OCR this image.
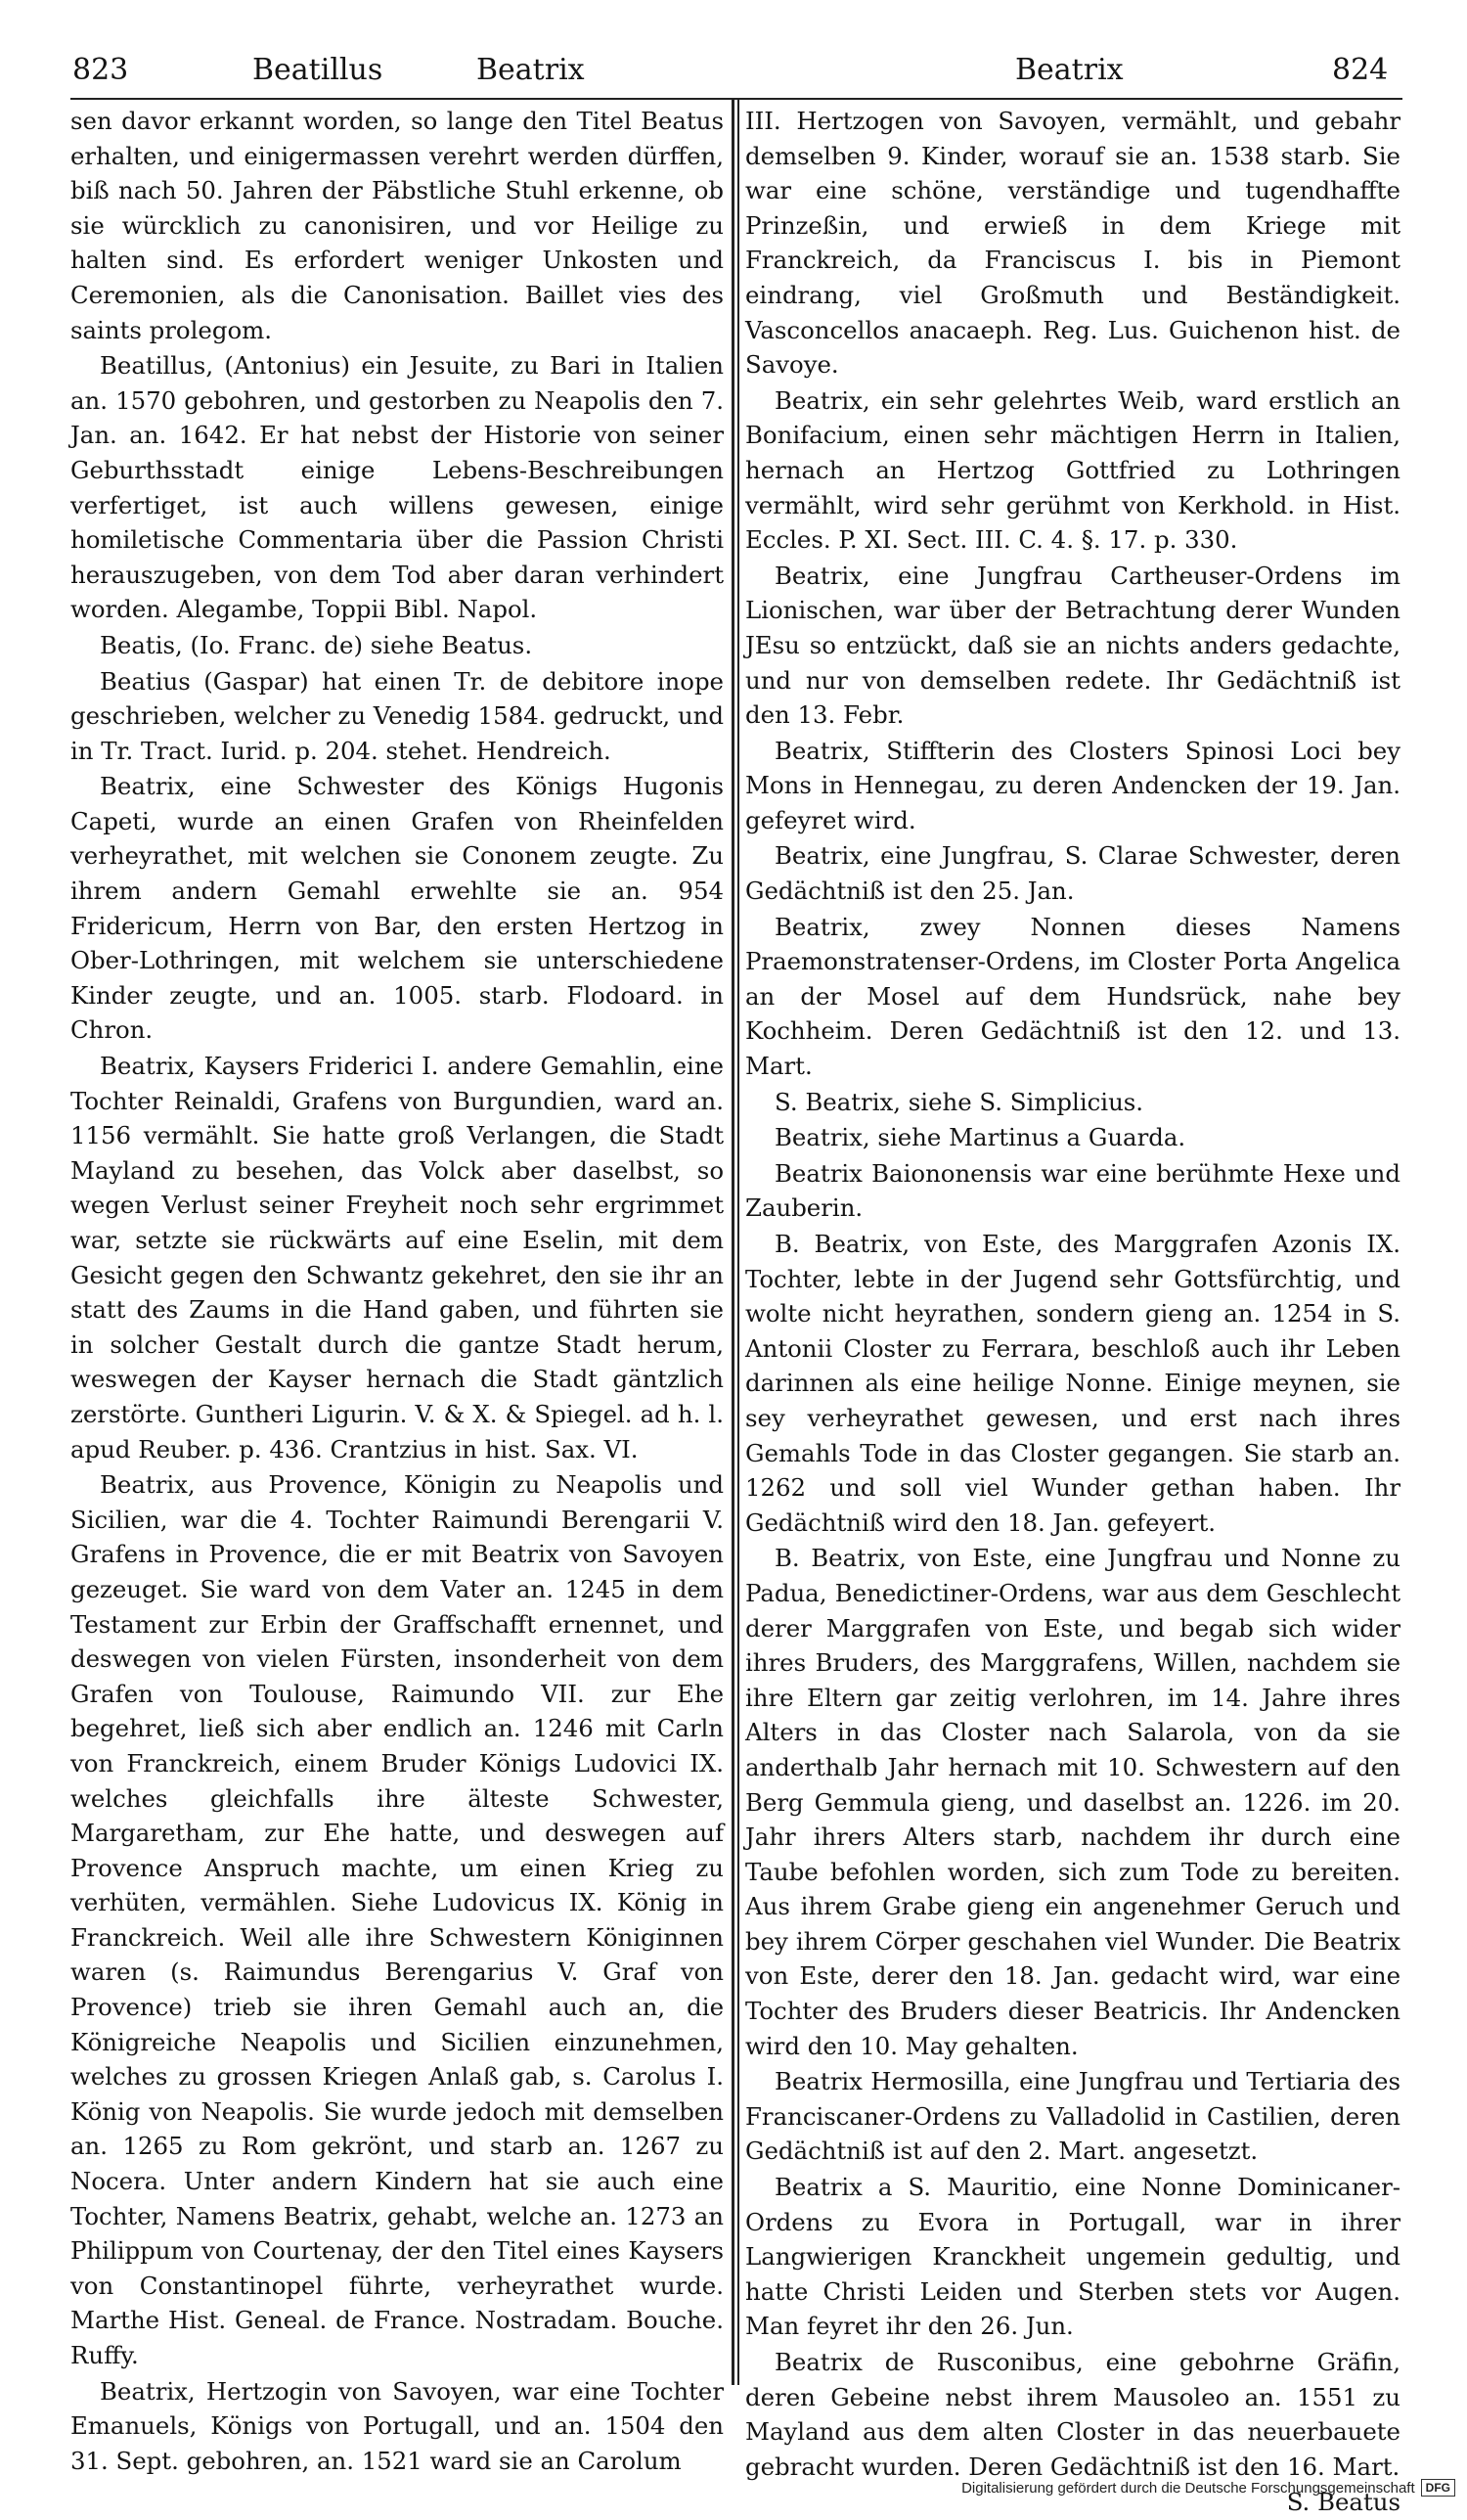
823	Beatillus	Beatrix	Beatrix	824

sen davor erkannt worden, so lange den Titel Beatus erhalten, und einigermassen verehrt werden dürffen, biß nach 50. Jahren der Päbstliche Stuhl erkenne, ob sie würcklich zu canonisiren, und vor Heilige zu halten sind. Es erfordert weniger Unkosten und Ceremonien, als die Canonisation. Baillet vies des saints prolegom.

Beatillus, (Antonius) ein Jesuite, zu Bari in Italien an. 1570 gebohren, und gestorben zu Neapolis den 7. Jan. an. 1642. Er hat nebst der Historie von seiner Geburthsstadt einige Lebens-Beschreibungen verfertiget, ist auch willens gewesen, einige homiletische Commentaria über die Passion Christi herauszugeben, von dem Tod aber daran verhindert worden. Alegambe, Toppii Bibl. Napol.

Beatis, (Io. Franc. de) siehe Beatus.

Beatius (Gaspar) hat einen Tr. de debitore inope geschrieben, welcher zu Venedig 1584. gedruckt, und in Tr. Tract. Iurid. p. 204. stehet. Hendreich.

Beatrix, eine Schwester des Königs Hugonis Capeti, wurde an einen Grafen von Rheinfelden verheyrathet, mit welchen sie Cononem zeugte. Zu ihrem andern Gemahl erwehlte sie an. 954 Fridericum, Herrn von Bar, den ersten Hertzog in Ober-Lothringen, mit welchem sie unterschiedene Kinder zeugte, und an. 1005. starb. Flodoard. in Chron.

Beatrix, Kaysers Friderici I. andere Gemahlin, eine Tochter Reinaldi, Grafens von Burgundien, ward an. 1156 vermählt. Sie hatte groß Verlangen, die Stadt Mayland zu besehen, das Volck aber daselbst, so wegen Verlust seiner Freyheit noch sehr ergrimmet war, setzte sie rückwärts auf eine Eselin, mit dem Gesicht gegen den Schwantz gekehret, den sie ihr an statt des Zaums in die Hand gaben, und führten sie in solcher Gestalt durch die gantze Stadt herum, weswegen der Kayser hernach die Stadt gäntzlich zerstörte. Guntheri Ligurin. V. & X. & Spiegel. ad h. l. apud Reuber. p. 436. Crantzius in hist. Sax. VI.

Beatrix, aus Provence, Königin zu Neapolis und Sicilien, war die 4. Tochter Raimundi Berengarii V. Grafens in Provence, die er mit Beatrix von Savoyen gezeuget. Sie ward von dem Vater an. 1245 in dem Testament zur Erbin der Graffschafft ernennet, und deswegen von vielen Fürsten, insonderheit von dem Grafen von Toulouse, Raimundo VII. zur Ehe begehret, ließ sich aber endlich an. 1246 mit Carln von Franckreich, einem Bruder Königs Ludovici IX. welches gleichfalls ihre älteste Schwester, Margaretham, zur Ehe hatte, und deswegen auf Provence Anspruch machte, um einen Krieg zu verhüten, vermählen. Siehe Ludovicus IX. König in Franckreich. Weil alle ihre Schwestern Königinnen waren (s. Raimundus Berengarius V. Graf von Provence) trieb sie ihren Gemahl auch an, die Königreiche Neapolis und Sicilien einzunehmen, welches zu grossen Kriegen Anlaß gab, s. Carolus I. König von Neapolis. Sie wurde jedoch mit demselben an. 1265 zu Rom gekrönt, und starb an. 1267 zu Nocera. Unter andern Kindern hat sie auch eine Tochter, Namens Beatrix, gehabt, welche an. 1273 an Philippum von Courtenay, der den Titel eines Kaysers von Constantinopel führte, verheyrathet wurde. Marthe Hist. Geneal. de France. Nostradam. Bouche. Ruffy.

Beatrix, Hertzogin von Savoyen, war eine Tochter Emanuels, Königs von Portugall, und an. 1504 den 31. Sept. gebohren, an. 1521 ward sie an Carolum

III. Hertzogen von Savoyen, vermählt, und gebahr demselben 9. Kinder, worauf sie an. 1538 starb. Sie war eine schöne, verständige und tugendhaffte Prinzeßin, und erwieß in dem Kriege mit Franckreich, da Franciscus I. bis in Piemont eindrang, viel Großmuth und Beständigkeit. Vasconcellos anacaeph. Reg. Lus. Guichenon hist. de Savoye.

Beatrix, ein sehr gelehrtes Weib, ward erstlich an Bonifacium, einen sehr mächtigen Herrn in Italien, hernach an Hertzog Gottfried zu Lothringen vermählt, wird sehr gerühmt von Kerkhold. in Hist. Eccles. P. XI. Sect. III. C. 4. §. 17. p. 330.

Beatrix, eine Jungfrau Cartheuser-Ordens im Lionischen, war über der Betrachtung derer Wunden JEsu so entzückt, daß sie an nichts anders gedachte, und nur von demselben redete. Ihr Gedächtniß ist den 13. Febr.

Beatrix, Stiffterin des Closters Spinosi Loci bey Mons in Hennegau, zu deren Andencken der 19. Jan. gefeyret wird.

Beatrix, eine Jungfrau, S. Clarae Schwester, deren Gedächtniß ist den 25. Jan.

Beatrix, zwey Nonnen dieses Namens Praemonstratenser-Ordens, im Closter Porta Angelica an der Mosel auf dem Hundsrück, nahe bey Kochheim. Deren Gedächtniß ist den 12. und 13. Mart.

S. Beatrix, siehe S. Simplicius.

Beatrix, siehe Martinus a Guarda.

Beatrix Baiononensis war eine berühmte Hexe und Zauberin.

B. Beatrix, von Este, des Marggrafen Azonis IX. Tochter, lebte in der Jugend sehr Gottsfürchtig, und wolte nicht heyrathen, sondern gieng an. 1254 in S. Antonii Closter zu Ferrara, beschloß auch ihr Leben darinnen als eine heilige Nonne. Einige meynen, sie sey verheyrathet gewesen, und erst nach ihres Gemahls Tode in das Closter gegangen. Sie starb an. 1262 und soll viel Wunder gethan haben. Ihr Gedächtniß wird den 18. Jan. gefeyert.

B. Beatrix, von Este, eine Jungfrau und Nonne zu Padua, Benedictiner-Ordens, war aus dem Geschlecht derer Marggrafen von Este, und begab sich wider ihres Bruders, des Marggrafens, Willen, nachdem sie ihre Eltern gar zeitig verlohren, im 14. Jahre ihres Alters in das Closter nach Salarola, von da sie anderthalb Jahr hernach mit 10. Schwestern auf den Berg Gemmula gieng, und daselbst an. 1226. im 20. Jahr ihrers Alters starb, nachdem ihr durch eine Taube befohlen worden, sich zum Tode zu bereiten. Aus ihrem Grabe gieng ein angenehmer Geruch und bey ihrem Cörper geschahen viel Wunder. Die Beatrix von Este, derer den 18. Jan. gedacht wird, war eine Tochter des Bruders dieser Beatricis. Ihr Andencken wird den 10. May gehalten.

Beatrix Hermosilla, eine Jungfrau und Tertiaria des Franciscaner-Ordens zu Valladolid in Castilien, deren Gedächtniß ist auf den 2. Mart. angesetzt.

Beatrix a S. Mauritio, eine Nonne Dominicaner-Ordens zu Evora in Portugall, war in ihrer Langwierigen Kranckheit ungemein gedultig, und hatte Christi Leiden und Sterben stets vor Augen. Man feyret ihr den 26. Jun.

Beatrix de Rusconibus, eine gebohrne Gräfin, deren Gebeine nebst ihrem Mausoleo an. 1551 zu Mayland aus dem alten Closter in das neuerbauete gebracht wurden. Deren Gedächtniß ist den 16. Mart.

S. Beatus

Digitalisierung gefördert durch die Deutsche Forschungsgemeinschaft DFG
